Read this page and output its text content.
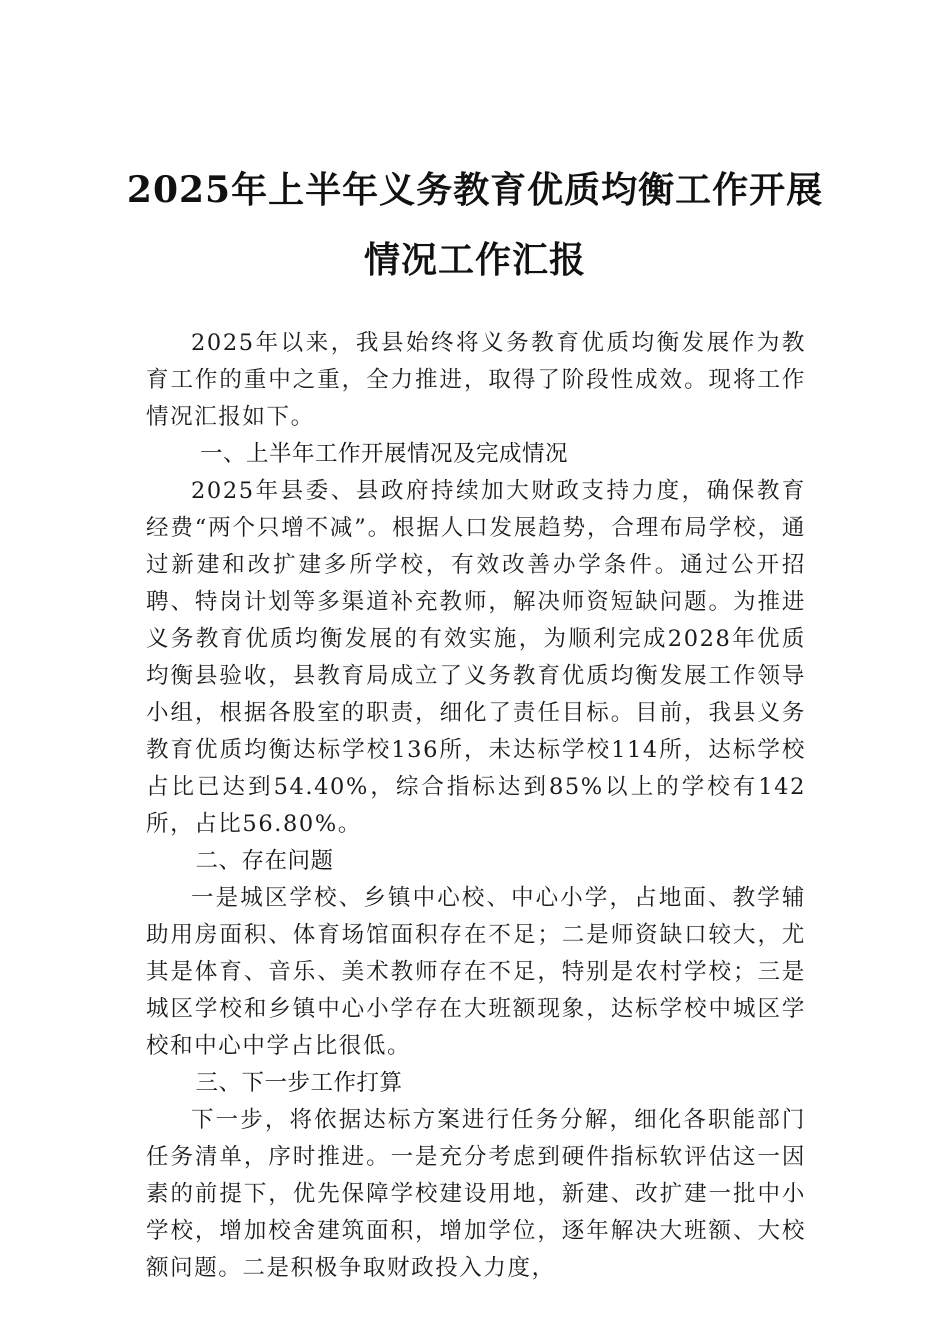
2025年上半年义务教育优质均衡工作开展
情况工作汇报

2025年以来，我县始终将义务教育优质均衡发展作为教育工作的重中之重，全力推进，取得了阶段性成效。现将工作情况汇报如下。

一、上半年工作开展情况及完成情况

2025年县委、县政府持续加大财政支持力度，确保教育经费“两个只增不减”。根据人口发展趋势，合理布局学校，通过新建和改扩建多所学校，有效改善办学条件。通过公开招聘、特岗计划等多渠道补充教师，解决师资短缺问题。为推进义务教育优质均衡发展的有效实施，为顺利完成2028年优质均衡县验收，县教育局成立了义务教育优质均衡发展工作领导小组，根据各股室的职责，细化了责任目标。目前，我县义务教育优质均衡达标学校136所，未达标学校114所，达标学校占比已达到54.40%，综合指标达到85%以上的学校有142所，占比56.80%。

二、存在问题

一是城区学校、乡镇中心校、中心小学，占地面、教学辅助用房面积、体育场馆面积存在不足；二是师资缺口较大，尤其是体育、音乐、美术教师存在不足，特别是农村学校；三是城区学校和乡镇中心小学存在大班额现象，达标学校中城区学校和中心中学占比很低。

三、下一步工作打算

下一步，将依据达标方案进行任务分解，细化各职能部门任务清单，序时推进。一是充分考虑到硬件指标软评估这一因素的前提下，优先保障学校建设用地，新建、改扩建一批中小学校，增加校舍建筑面积，增加学位，逐年解决大班额、大校额问题。二是积极争取财政投入力度，
